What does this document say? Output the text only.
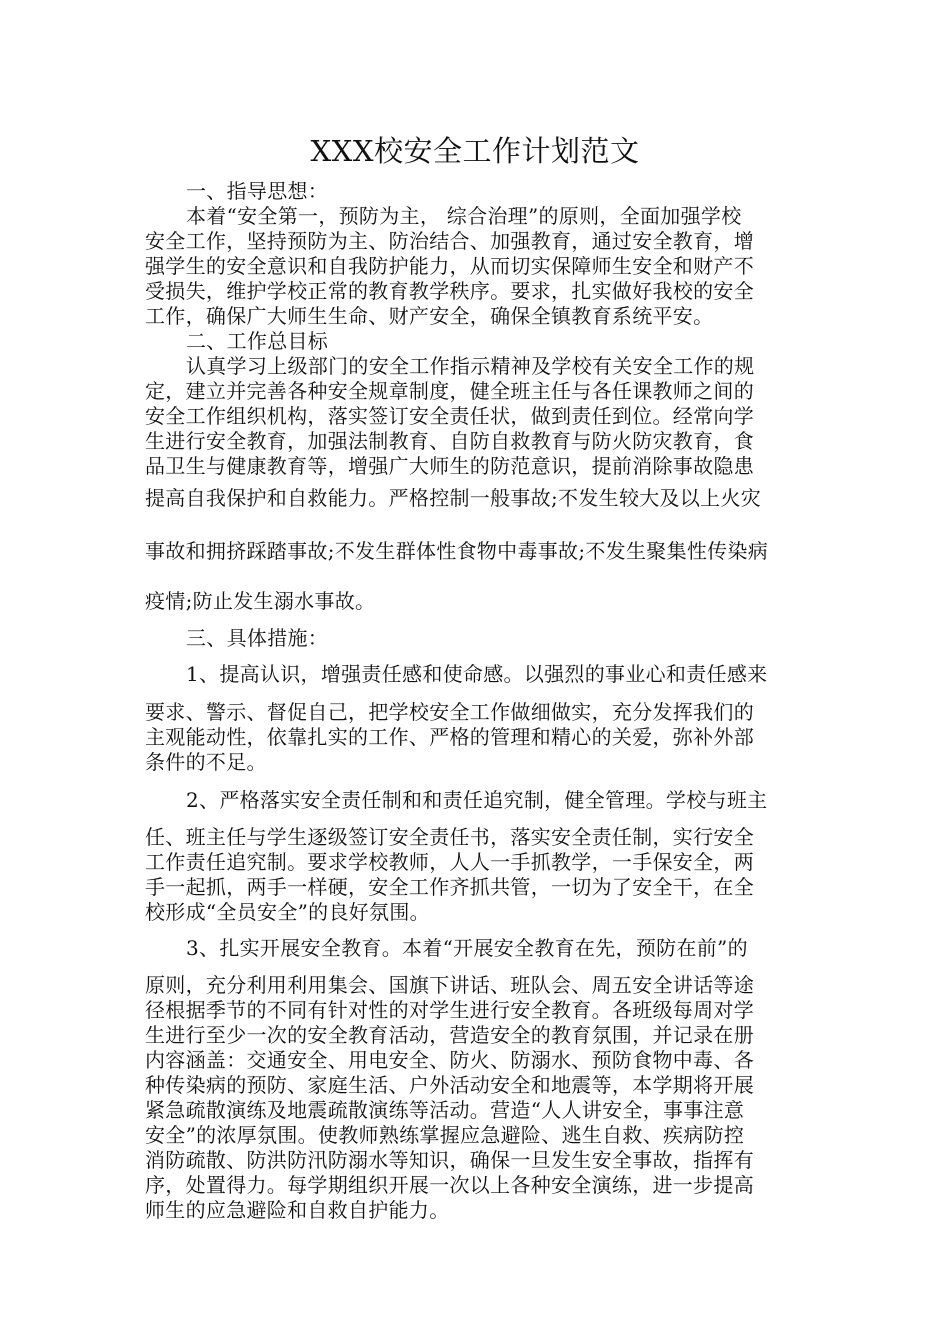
XXX校安全工作计划范文
一、指导思想：
本着“安全第一，预防为主， 综合治理”的原则，全面加强学校
安全工作，坚持预防为主、防治结合、加强教育，通过安全教育，增
强学生的安全意识和自我防护能力，从而切实保障师生安全和财产不
受损失，维护学校正常的教育教学秩序。要求，扎实做好我校的安全
工作，确保广大师生生命、财产安全，确保全镇教育系统平安。
二、工作总目标
认真学习上级部门的安全工作指示精神及学校有关安全工作的规
定，建立并完善各种安全规章制度，健全班主任与各任课教师之间的
安全工作组织机构，落实签订安全责任状，做到责任到位。经常向学
生进行安全教育，加强法制教育、自防自救教育与防火防灾教育，食
品卫生与健康教育等，增强广大师生的防范意识，提前消除事故隐患
提高自我保护和自救能力。严格控制一般事故;不发生较大及以上火灾
事故和拥挤踩踏事故;不发生群体性食物中毒事故;不发生聚集性传染病
疫情;防止发生溺水事故。
三、具体措施：
1、提高认识，增强责任感和使命感。以强烈的事业心和责任感来
要求、警示、督促自己，把学校安全工作做细做实，充分发挥我们的
主观能动性，依靠扎实的工作、严格的管理和精心的关爱，弥补外部
条件的不足。
2、严格落实安全责任制和和责任追究制，健全管理。学校与班主
任、班主任与学生逐级签订安全责任书，落实安全责任制，实行安全
工作责任追究制。要求学校教师，人人一手抓教学，一手保安全，两
手一起抓，两手一样硬，安全工作齐抓共管，一切为了安全干，在全
校形成“全员安全”的良好氛围。
3、扎实开展安全教育。本着“开展安全教育在先，预防在前”的
原则，充分利用利用集会、国旗下讲话、班队会、周五安全讲话等途
径根据季节的不同有针对性的对学生进行安全教育。各班级每周对学
生进行至少一次的安全教育活动，营造安全的教育氛围，并记录在册
内容涵盖：交通安全、用电安全、防火、防溺水、预防食物中毒、各
种传染病的预防、家庭生活、户外活动安全和地震等，本学期将开展
紧急疏散演练及地震疏散演练等活动。营造“人人讲安全，事事注意
安全”的浓厚氛围。使教师熟练掌握应急避险、逃生自救、疾病防控
消防疏散、防洪防汛防溺水等知识，确保一旦发生安全事故，指挥有
序，处置得力。每学期组织开展一次以上各种安全演练，进一步提高
师生的应急避险和自救自护能力。
